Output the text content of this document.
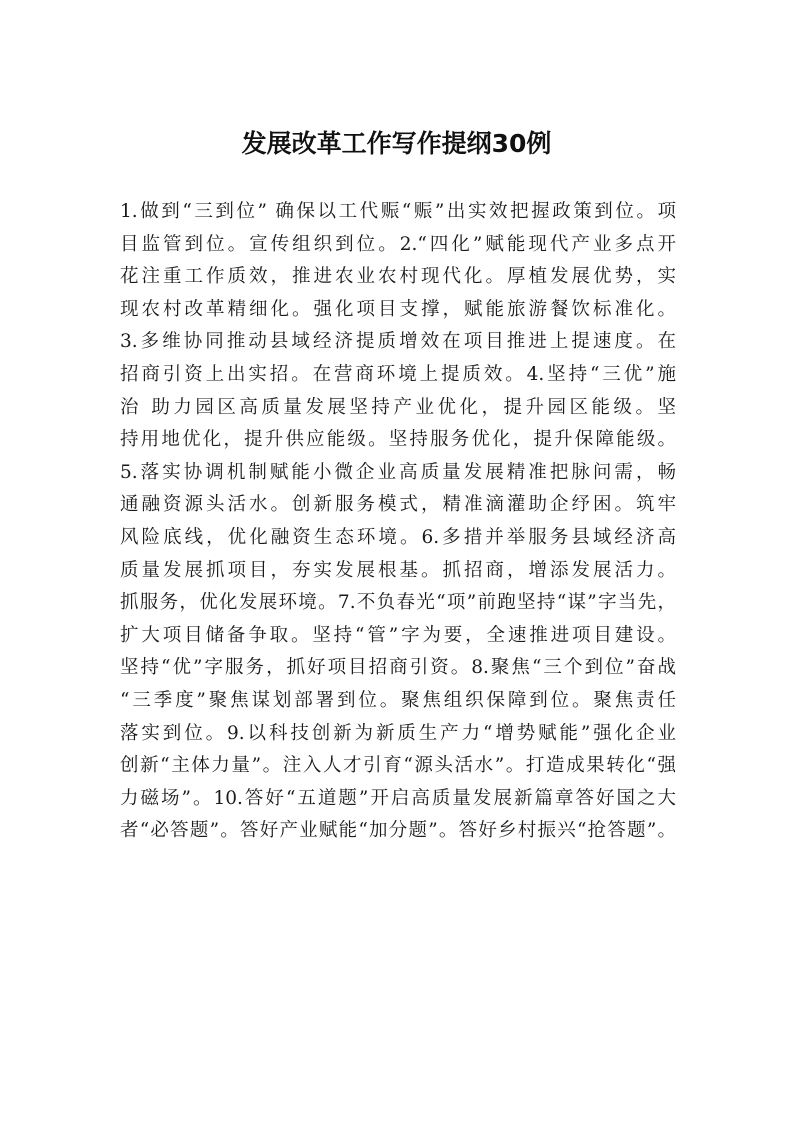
发展改革工作写作提纲30例
1.做到“三到位” 确保以工代赈“赈”出实效把握政策到位。项
目监管到位。宣传组织到位。2.“四化”赋能现代产业多点开
花注重工作质效，推进农业农村现代化。厚植发展优势，实
现农村改革精细化。强化项目支撑，赋能旅游餐饮标准化。
3.多维协同推动县域经济提质增效在项目推进上提速度。在
招商引资上出实招。在营商环境上提质效。4.坚持“三优”施
治 助力园区高质量发展坚持产业优化，提升园区能级。坚
持用地优化，提升供应能级。坚持服务优化，提升保障能级。
5.落实协调机制赋能小微企业高质量发展精准把脉问需，畅
通融资源头活水。创新服务模式，精准滴灌助企纾困。筑牢
风险底线，优化融资生态环境。6.多措并举服务县域经济高
质量发展抓项目，夯实发展根基。抓招商，增添发展活力。
抓服务，优化发展环境。7.不负春光“项”前跑坚持“谋”字当先，
扩大项目储备争取。坚持“管”字为要，全速推进项目建设。
坚持“优”字服务，抓好项目招商引资。8.聚焦“三个到位”奋战
“三季度”聚焦谋划部署到位。聚焦组织保障到位。聚焦责任
落实到位。9.以科技创新为新质生产力“增势赋能”强化企业
创新“主体力量”。注入人才引育“源头活水”。打造成果转化“强
力磁场”。10.答好“五道题”开启高质量发展新篇章答好国之大
者“必答题”。答好产业赋能“加分题”。答好乡村振兴“抢答题”。
